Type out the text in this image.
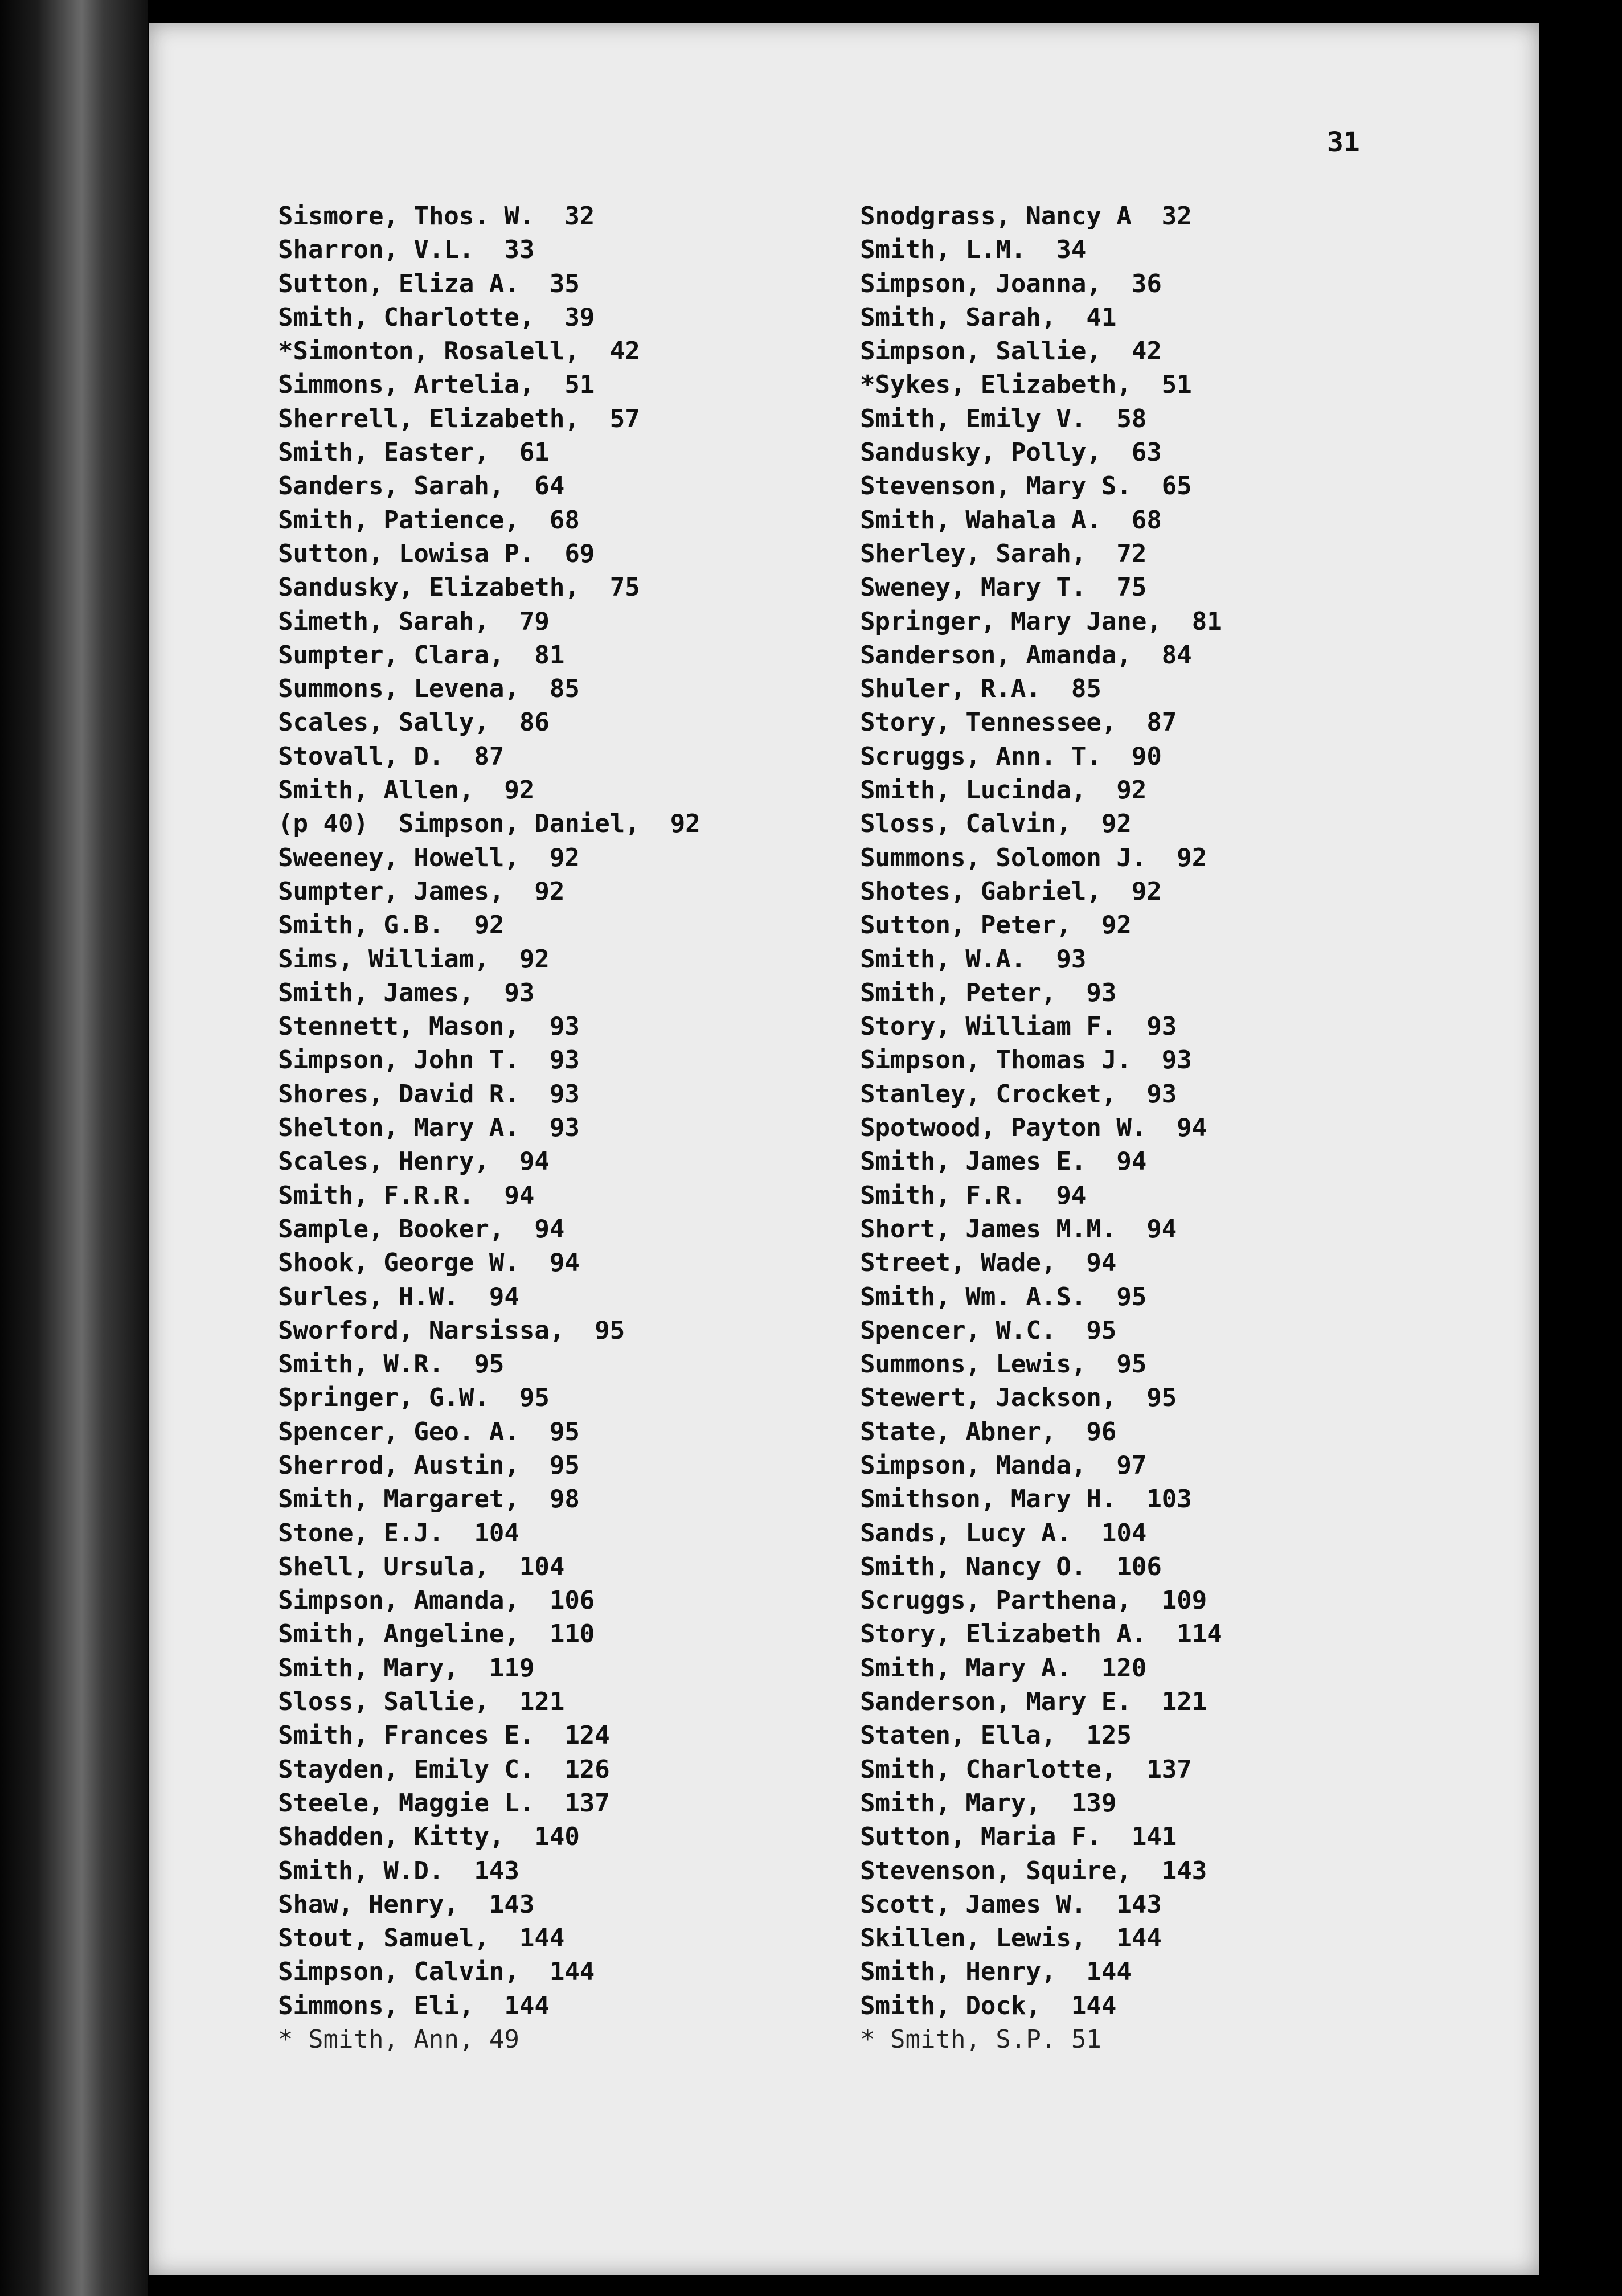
31
Sismore, Thos. W.  32
Sharron, V.L.  33
Sutton, Eliza A.  35
Smith, Charlotte,  39
*Simonton, Rosalell,  42
Simmons, Artelia,  51
Sherrell, Elizabeth,  57
Smith, Easter,  61
Sanders, Sarah,  64
Smith, Patience,  68
Sutton, Lowisa P.  69
Sandusky, Elizabeth,  75
Simeth, Sarah,  79
Sumpter, Clara,  81
Summons, Levena,  85
Scales, Sally,  86
Stovall, D.  87
Smith, Allen,  92
(p 40)  Simpson, Daniel,  92
Sweeney, Howell,  92
Sumpter, James,  92
Smith, G.B.  92
Sims, William,  92
Smith, James,  93
Stennett, Mason,  93
Simpson, John T.  93
Shores, David R.  93
Shelton, Mary A.  93
Scales, Henry,  94
Smith, F.R.R.  94
Sample, Booker,  94
Shook, George W.  94
Surles, H.W.  94
Sworford, Narsissa,  95
Smith, W.R.  95
Springer, G.W.  95
Spencer, Geo. A.  95
Sherrod, Austin,  95
Smith, Margaret,  98
Stone, E.J.  104
Shell, Ursula,  104
Simpson, Amanda,  106
Smith, Angeline,  110
Smith, Mary,  119
Sloss, Sallie,  121
Smith, Frances E.  124
Stayden, Emily C.  126
Steele, Maggie L.  137
Shadden, Kitty,  140
Smith, W.D.  143
Shaw, Henry,  143
Stout, Samuel,  144
Simpson, Calvin,  144
Simmons, Eli,  144
* Smith, Ann, 49
Snodgrass, Nancy A  32
Smith, L.M.  34
Simpson, Joanna,  36
Smith, Sarah,  41
Simpson, Sallie,  42
*Sykes, Elizabeth,  51
Smith, Emily V.  58
Sandusky, Polly,  63
Stevenson, Mary S.  65
Smith, Wahala A.  68
Sherley, Sarah,  72
Sweney, Mary T.  75
Springer, Mary Jane,  81
Sanderson, Amanda,  84
Shuler, R.A.  85
Story, Tennessee,  87
Scruggs, Ann. T.  90
Smith, Lucinda,  92
Sloss, Calvin,  92
Summons, Solomon J.  92
Shotes, Gabriel,  92
Sutton, Peter,  92
Smith, W.A.  93
Smith, Peter,  93
Story, William F.  93
Simpson, Thomas J.  93
Stanley, Crocket,  93
Spotwood, Payton W.  94
Smith, James E.  94
Smith, F.R.  94
Short, James M.M.  94
Street, Wade,  94
Smith, Wm. A.S.  95
Spencer, W.C.  95
Summons, Lewis,  95
Stewert, Jackson,  95
State, Abner,  96
Simpson, Manda,  97
Smithson, Mary H.  103
Sands, Lucy A.  104
Smith, Nancy O.  106
Scruggs, Parthena,  109
Story, Elizabeth A.  114
Smith, Mary A.  120
Sanderson, Mary E.  121
Staten, Ella,  125
Smith, Charlotte,  137
Smith, Mary,  139
Sutton, Maria F.  141
Stevenson, Squire,  143
Scott, James W.  143
Skillen, Lewis,  144
Smith, Henry,  144
Smith, Dock,  144
* Smith, S.P. 51
